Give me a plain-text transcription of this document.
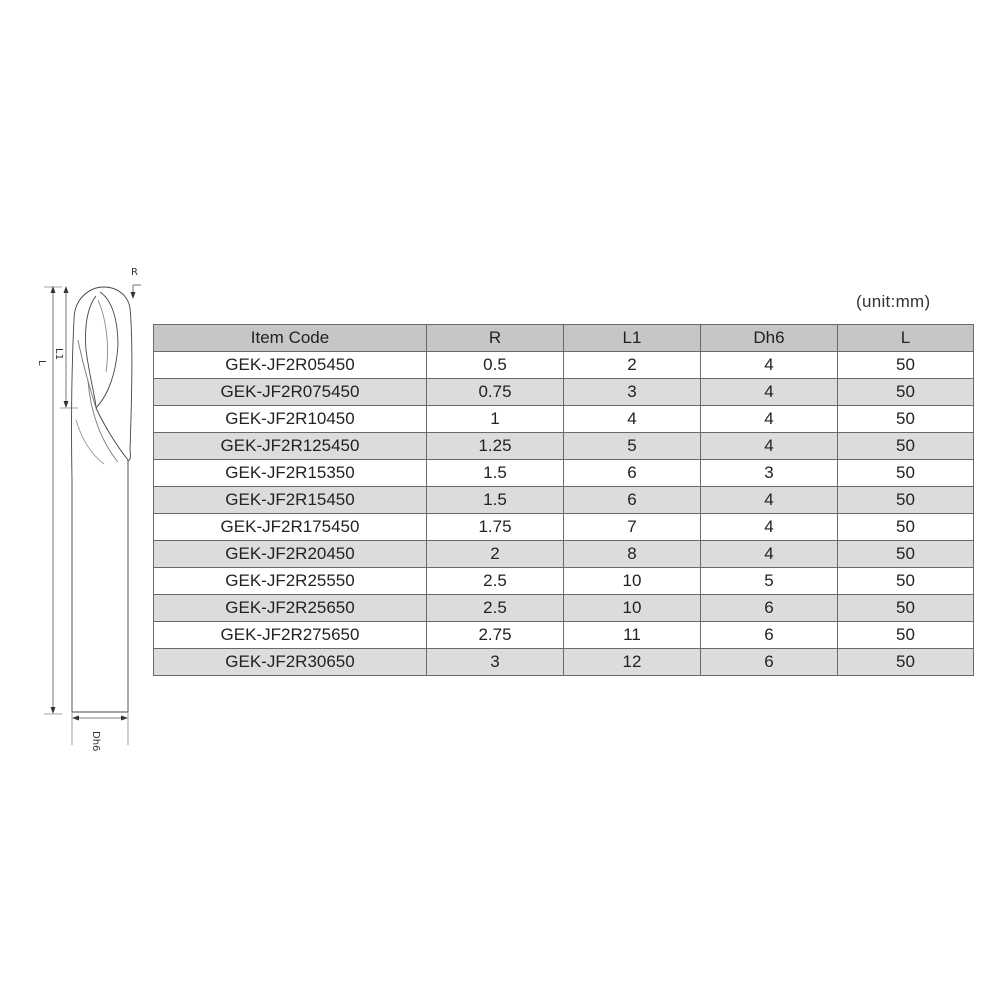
R
L1
L
Dh6
(unit:mm)
Item Code	R	L1	Dh6	L
GEK-JF2R05450	0.5	2	4	50
GEK-JF2R075450	0.75	3	4	50
GEK-JF2R10450	1	4	4	50
GEK-JF2R125450	1.25	5	4	50
GEK-JF2R15350	1.5	6	3	50
GEK-JF2R15450	1.5	6	4	50
GEK-JF2R175450	1.75	7	4	50
GEK-JF2R20450	2	8	4	50
GEK-JF2R25550	2.5	10	5	50
GEK-JF2R25650	2.5	10	6	50
GEK-JF2R275650	2.75	11	6	50
GEK-JF2R30650	3	12	6	50
